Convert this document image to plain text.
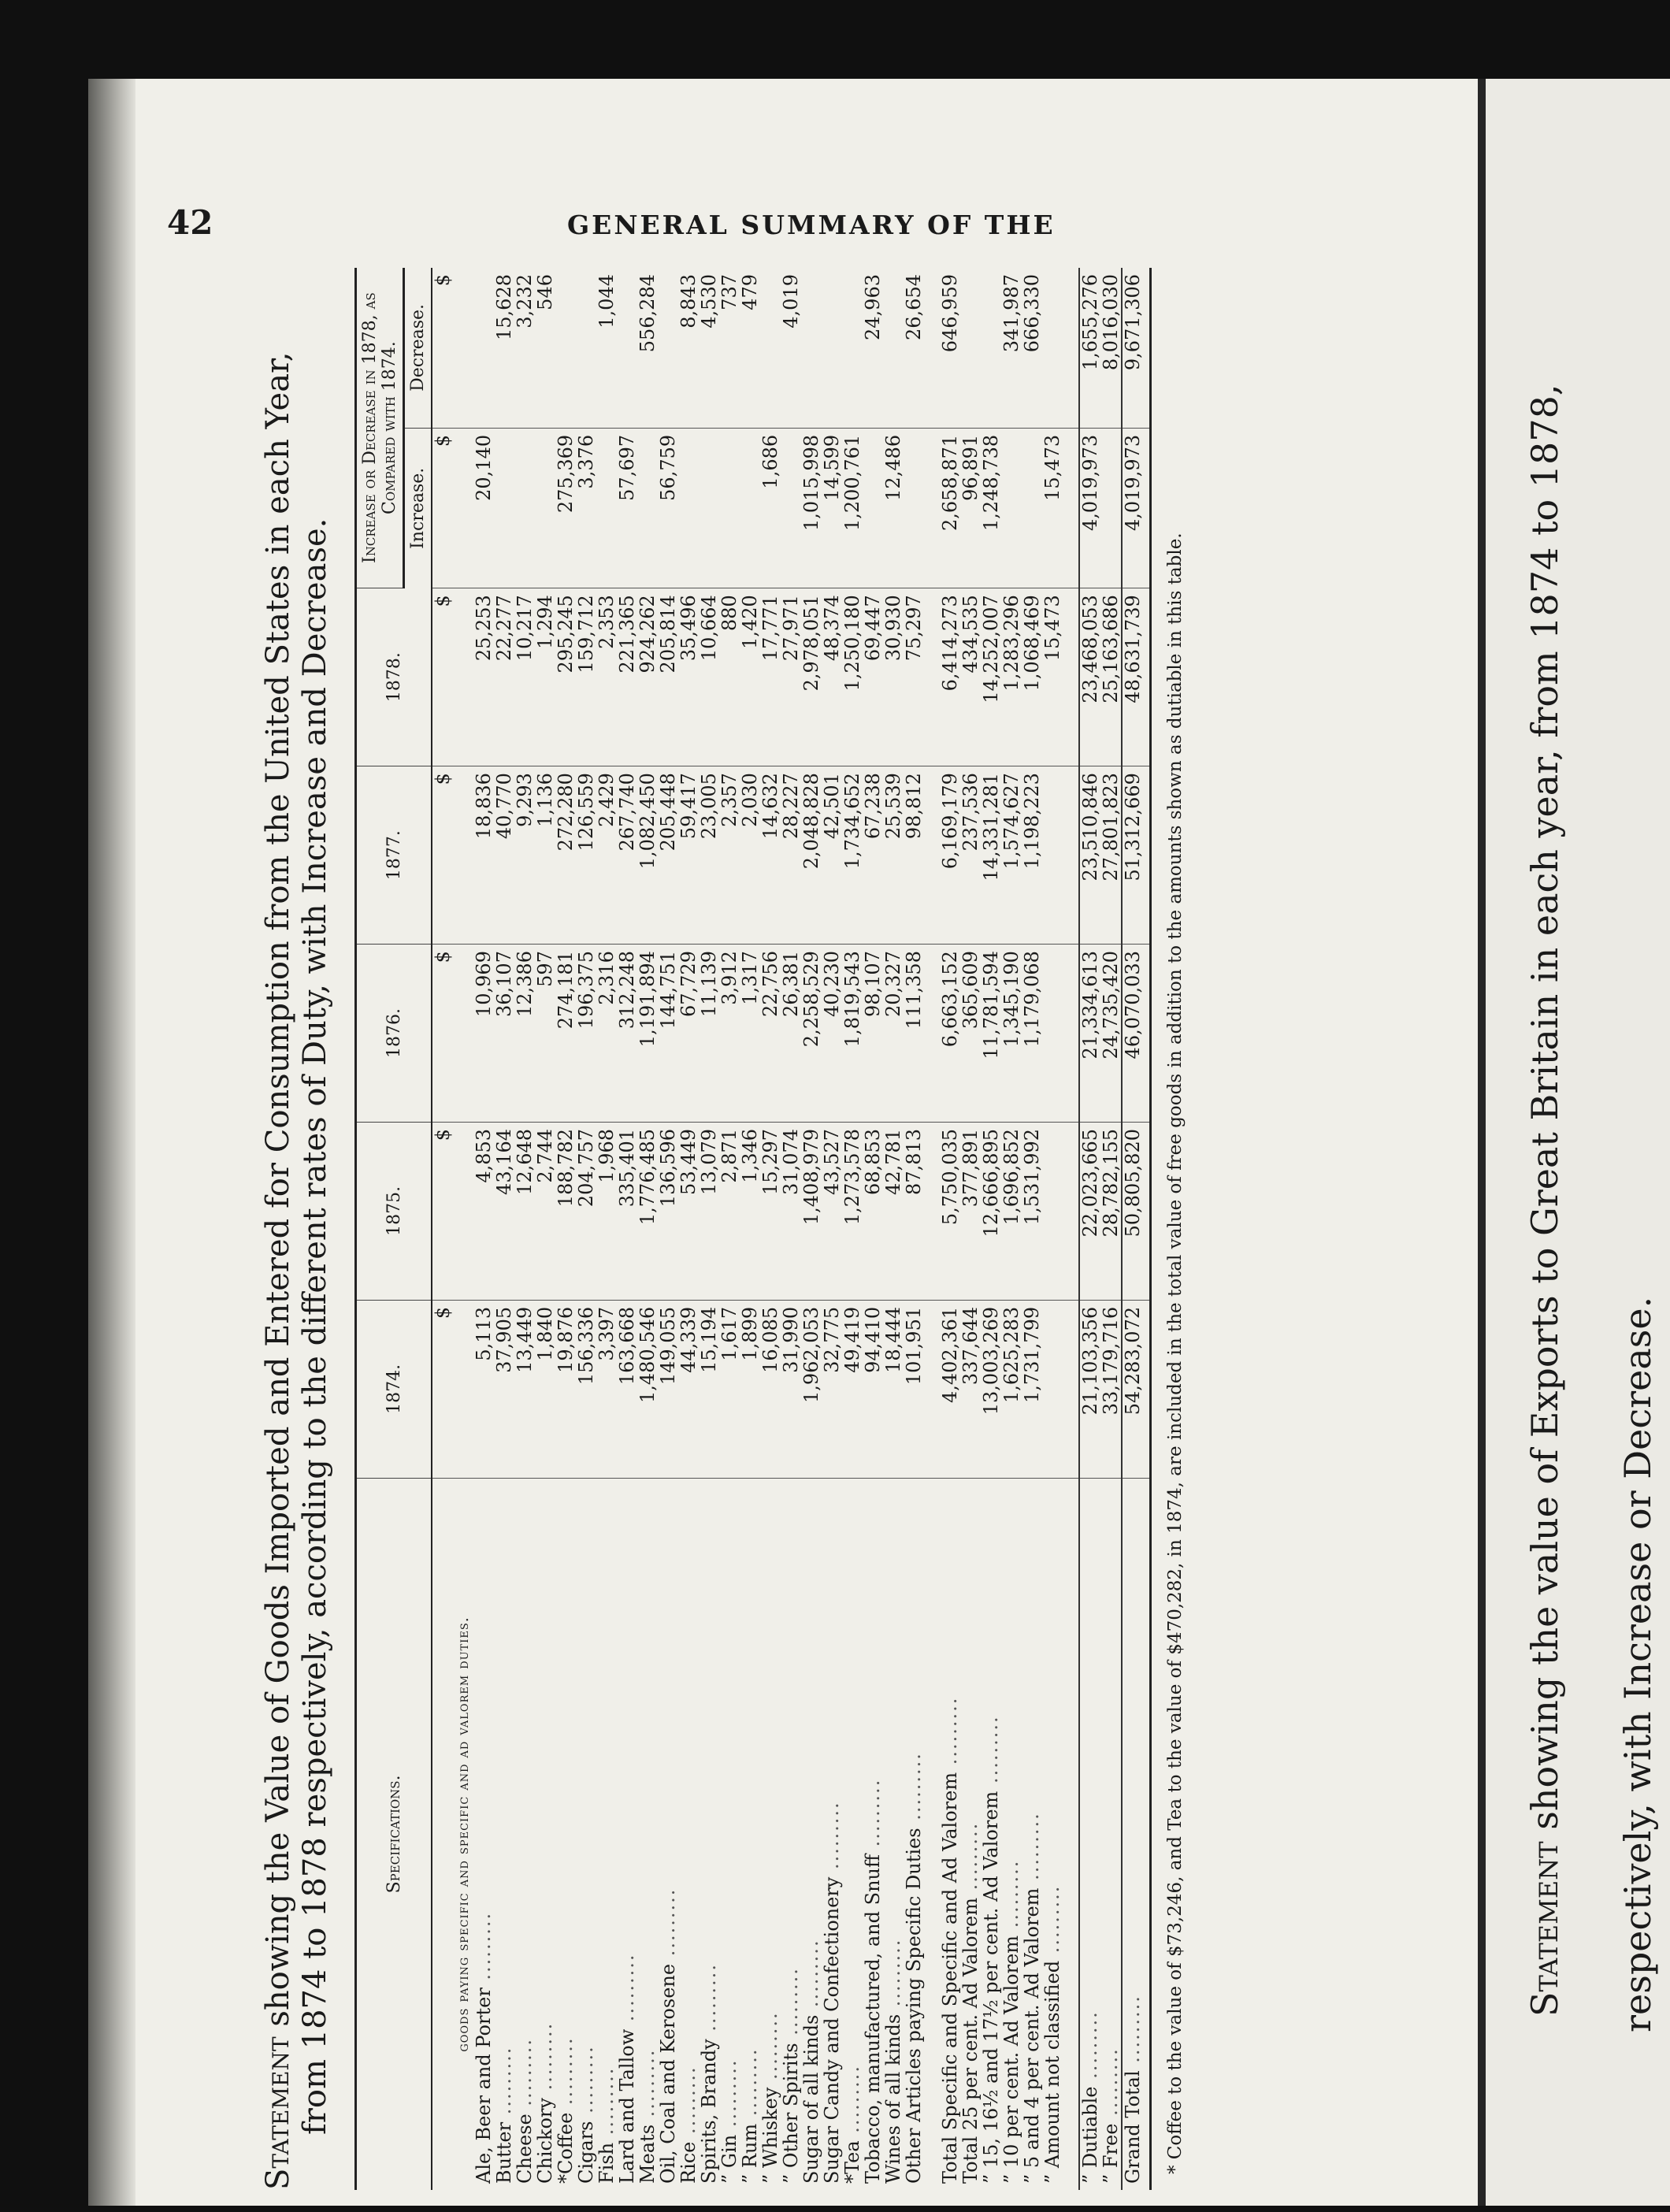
42	GENERAL SUMMARY OF THE

Statement showing the Value of Goods Imported and Entered for Consumption from the United States in each Year, from 1874 to 1878 respectively, according to the different rates of Duty, with Increase and Decrease.	Specifications.	1874.	1875.	1876.	1877.	1878.	Increase or Decrease in 1878, as Compared with 1874.	
						Increase.	Decrease.
	$	$	$	$	$	$	$
goods paying specific and specific and ad valorem duties.							
Ale, Beer and Porter .........	5,113	4,853	10,969	18,836	25,253	20,140	
Butter .........	37,905	43,164	36,107	40,770	22,277		15,628
Cheese .........	13,449	12,648	12,386	9,293	10,217		3,232
Chickory .........	1,840	2,744	597	1,136	1,294		546
*Coffee .........	19,876	188,782	274,181	272,280	295,245	275,369	
Cigars .........	156,336	204,757	196,375	126,559	159,712	3,376	
Fish .........	3,397	1,968	2,316	2,429	2,353		1,044
Lard and Tallow .........	163,668	335,401	312,248	267,740	221,365	57,697	
Meats .........	1,480,546	1,776,485	1,191,894	1,082,450	924,262		556,284
Oil, Coal and Kerosene .........	149,055	136,596	144,751	205,448	205,814	56,759	
Rice .........	44,339	53,449	67,729	59,417	35,496		8,843
Spirits, Brandy .........	15,194	13,079	11,139	23,005	10,664		4,530
” Gin .........	1,617	2,871	3,912	2,357	880		737
” Rum .........	1,899	1,346	1,317	2,030	1,420		479
” Whiskey .........	16,085	15,297	22,756	14,632	17,771	1,686	
” Other Spirits .........	31,990	31,074	26,381	28,227	27,971		4,019
Sugar of all kinds .........	1,962,053	1,408,979	2,258,529	2,048,828	2,978,051	1,015,998	
Sugar Candy and Confectionery .........	32,775	43,527	40,230	42,501	48,374	14,599	
*Tea .........	49,419	1,273,578	1,819,543	1,734,652	1,250,180	1,200,761	
Tobacco, manufactured, and Snuff .........	94,410	68,853	98,107	67,238	69,447		24,963
Wines of all kinds .........	18,444	42,781	20,327	25,539	30,930	12,486	
Other Articles paying Specific Duties .........	101,951	87,813	111,358	98,812	75,297		26,654

Total Specific and Specific and Ad Valorem .........	4,402,361	5,750,035	6,663,152	6,169,179	6,414,273	2,658,871	646,959
Total 25 per cent. Ad Valorem .........	337,644	377,891	365,609	237,536	434,535	96,891	
” 15, 16½ and 17½ per cent. Ad Valorem .........	13,003,269	12,666,895	11,781,594	14,331,281	14,252,007	1,248,738	
” 10 per cent. Ad Valorem .........	1,625,283	1,696,852	1,345,190	1,574,627	1,283,296		341,987
” 5 and 4 per cent. Ad Valorem .........	1,731,799	1,531,992	1,179,068	1,198,223	1,068,469		666,330
” Amount not classified .........					15,473	15,473	

” Dutiable .........	21,103,356	22,023,665	21,334,613	23,510,846	23,468,053	4,019,973	1,655,276
” Free .........	33,179,716	28,782,155	24,735,420	27,801,823	25,163,686		8,016,030
Grand Total .........	54,283,072	50,805,820	46,070,033	51,312,669	48,631,739	4,019,973	9,671,306

* Coffee to the value of $73,246, and Tea to the value of $470,282, in 1874, are included in the total value of free goods in addition to the amounts shown as dutiable in this table.	Statement showing the value of Exports to Great Britain in each year, from 1874 to 1878, respectively, with Increase or Decrease.
